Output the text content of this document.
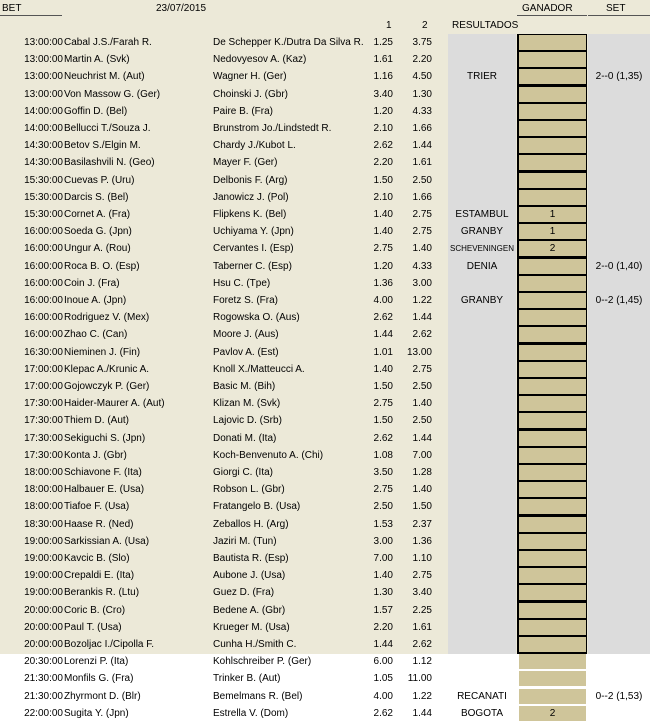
BET	23/07/2015	GANADOR	SET
1	2 RESULTADOS
13:00:00 Cabal J.S./Farah R.	De Schepper K./Dutra Da Silva R. 1.25	3.75
13:00:00 Martin A. (Svk)	Nedovyesov A. (Kaz)	1.61	2.20
13:00:00 Neuchrist M. (Aut)	Wagner H. (Ger)	1.16	4.50	TRIER	2--0 (1,35)
13:00:00 Von Massow G. (Ger)	Choinski J. (Gbr)	3.40	1.30
14:00:00 Goffin D. (Bel)	Paire B. (Fra)	1.20	4.33
14:00:00 Bellucci T./Souza J.	Brunstrom Jo./Lindstedt R.	2.10	1.66
14:30:00 Betov S./Elgin M.	Chardy J./Kubot L.	2.62	1.44
14:30:00 Basilashvili N. (Geo)	Mayer F. (Ger)	2.20	1.61
15:30:00 Cuevas P. (Uru)	Delbonis F. (Arg)	1.50	2.50
15:30:00 Darcis S. (Bel)	Janowicz J. (Pol)	2.10	1.66
15:30:00 Cornet A. (Fra)	Flipkens K. (Bel)	1.40	2.75	ESTAMBUL	1
16:00:00 Soeda G. (Jpn)	Uchiyama Y. (Jpn)	1.40	2.75	GRANBY	1
16:00:00 Ungur A. (Rou)	Cervantes I. (Esp)	2.75	1.40 SCHEVENINGEN	2
16:00:00 Roca B. O. (Esp)	Taberner C. (Esp)	1.20	4.33	DENIA	2--0 (1,40)
16:00:00 Coin J. (Fra)	Hsu C. (Tpe)	1.36	3.00
16:00:00 Inoue A. (Jpn)	Foretz S. (Fra)	4.00	1.22	GRANBY	0--2 (1,45)
16:00:00 Rodriguez V. (Mex)	Rogowska O. (Aus)	2.62	1.44
16:00:00 Zhao C. (Can)	Moore J. (Aus)	1.44	2.62
16:30:00 Nieminen J. (Fin)	Pavlov A. (Est)	1.01	13.00
17:00:00 Klepac A./Krunic A.	Knoll X./Matteucci A.	1.40	2.75
17:00:00 Gojowczyk P. (Ger)	Basic M. (Bih)	1.50	2.50
17:30:00 Haider-Maurer A. (Aut)	Klizan M. (Svk)	2.75	1.40
17:30:00 Thiem D. (Aut)	Lajovic D. (Srb)	1.50	2.50
17:30:00 Sekiguchi S. (Jpn)	Donati M. (Ita)	2.62	1.44
17:30:00 Konta J. (Gbr)	Koch-Benvenuto A. (Chi)	1.08	7.00
18:00:00 Schiavone F. (Ita)	Giorgi C. (Ita)	3.50	1.28
18:00:00 Halbauer E. (Usa)	Robson L. (Gbr)	2.75	1.40
18:00:00 Tiafoe F. (Usa)	Fratangelo B. (Usa)	2.50	1.50
18:30:00 Haase R. (Ned)	Zeballos H. (Arg)	1.53	2.37
19:00:00 Sarkissian A. (Usa)	Jaziri M. (Tun)	3.00	1.36
19:00:00 Kavcic B. (Slo)	Bautista R. (Esp)	7.00	1.10
19:00:00 Crepaldi E. (Ita)	Aubone J. (Usa)	1.40	2.75
19:00:00 Berankis R. (Ltu)	Guez D. (Fra)	1.30	3.40
20:00:00 Coric B. (Cro)	Bedene A. (Gbr)	1.57	2.25
20:00:00 Paul T. (Usa)	Krueger M. (Usa)	2.20	1.61
20:00:00 Bozoljac I./Cipolla F.	Cunha H./Smith C.	1.44	2.62
20:30:00 Lorenzi P. (Ita)	Kohlschreiber P. (Ger)	6.00	1.12
21:30:00 Monfils G. (Fra)	Trinker B. (Aut)	1.05	11.00
21:30:00 Zhyrmont D. (Blr)	Bemelmans R. (Bel)	4.00	1.22	RECANATI	0--2 (1,53)
22:00:00 Sugita Y. (Jpn)	Estrella V. (Dom)	2.62	1.44	BOGOTA	2
